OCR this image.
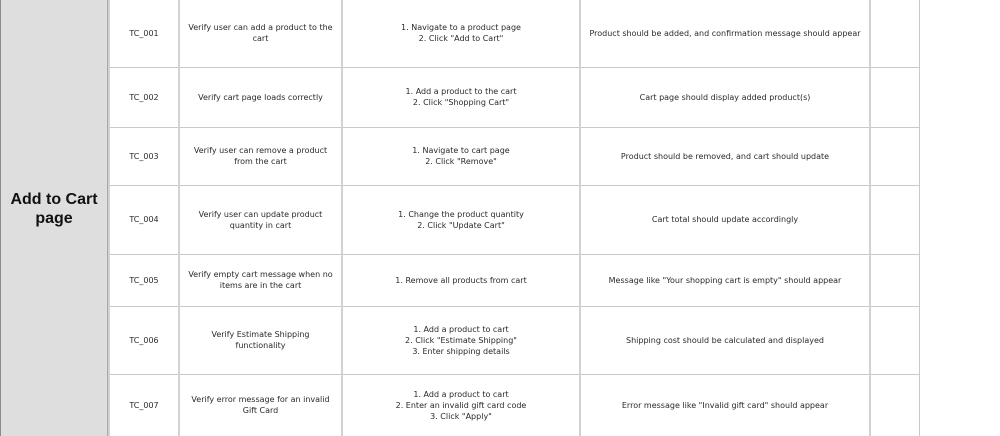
Add to Cart page
TC_001	Verify user can add a product to the cart	1. Navigate to a product page
2. Click "Add to Cart"	Product should be added, and confirmation message should appear	
TC_002	Verify cart page loads correctly	1. Add a product to the cart
2. Click "Shopping Cart"	Cart page should display added product(s)	
TC_003	Verify user can remove a product from the cart	1. Navigate to cart page
2. Click "Remove"	Product should be removed, and cart should update	
TC_004	Verify user can update product quantity in cart	1. Change the product quantity
2. Click "Update Cart"	Cart total should update accordingly	
TC_005	Verify empty cart message when no items are in the cart	1. Remove all products from cart	Message like "Your shopping cart is empty" should appear	
TC_006	Verify Estimate Shipping functionality	1. Add a product to cart
2. Click "Estimate Shipping"
3. Enter shipping details	Shipping cost should be calculated and displayed	
TC_007	Verify error message for an invalid Gift Card	1. Add a product to cart
2. Enter an invalid gift card code
3. Click "Apply"	Error message like "Invalid gift card" should appear	
